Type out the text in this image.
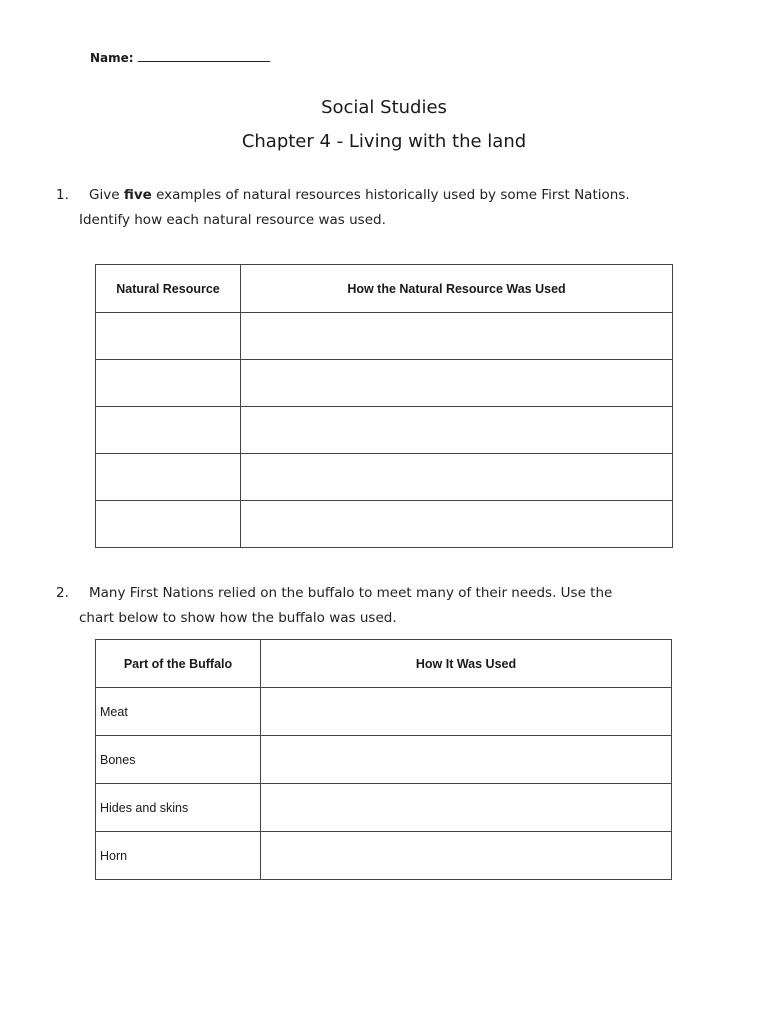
Name:
Social Studies
Chapter 4 - Living with the land
1. Give five examples of natural resources historically used by some First Nations.
Identify how each natural resource was used.
Natural Resource	How the Natural Resource Was Used

2. Many First Nations relied on the buffalo to meet many of their needs. Use the
chart below to show how the buffalo was used.
Part of the Buffalo	How It Was Used
Meat	
Bones	
Hides and skins	
Horn	
